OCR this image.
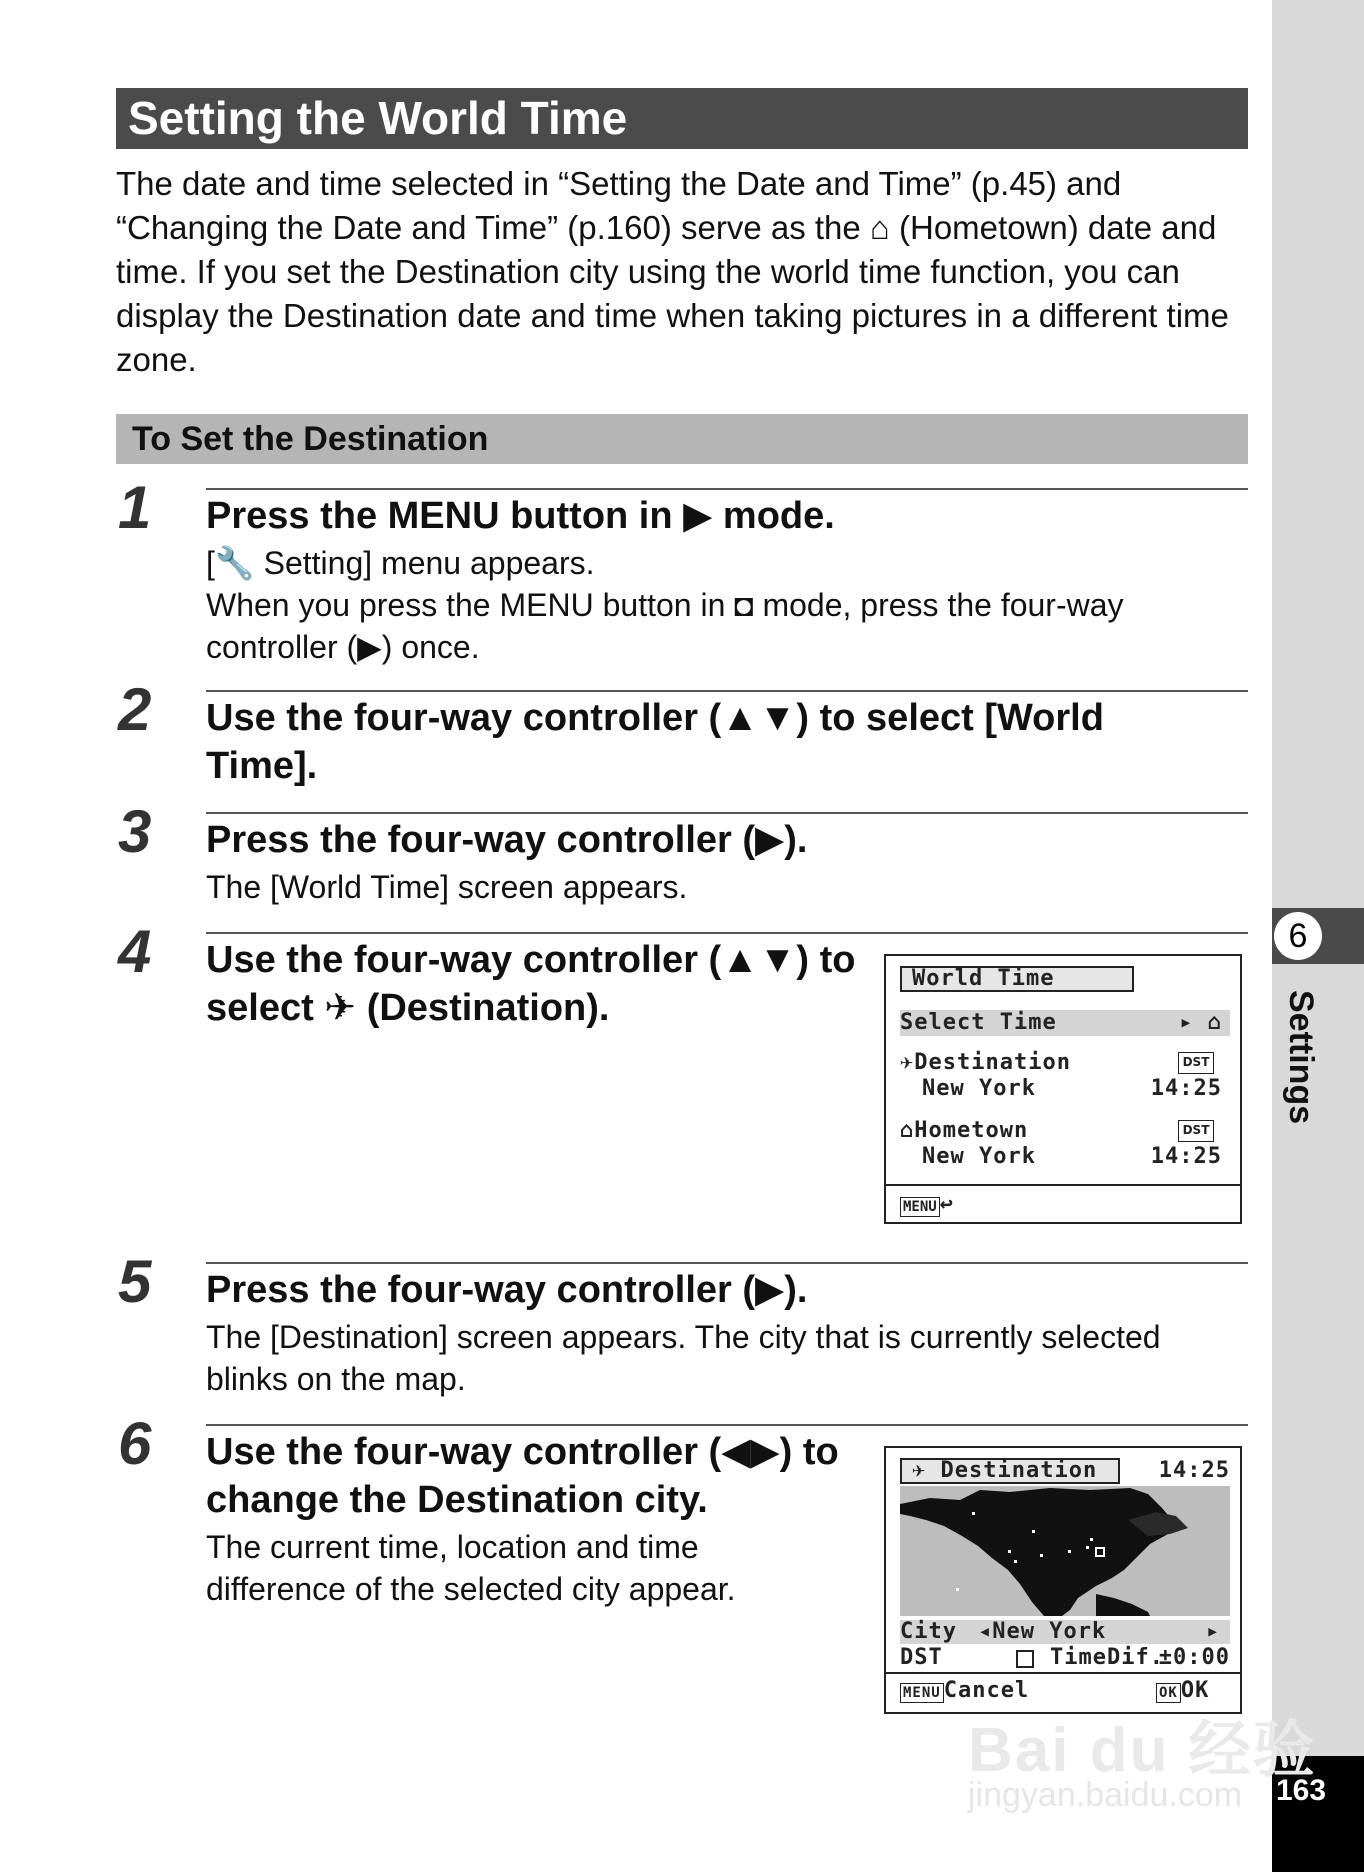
6
Settings
163
Setting the World Time
The date and time selected in “Setting the Date and Time” (p.45) and “Changing the Date and Time” (p.160) serve as the ⌂ (Hometown) date and time. If you set the Destination city using the world time function, you can display the Destination date and time when taking pictures in a different time zone.
To Set the Destination
1 Press the MENU button in ▶ mode.
[🔧 Setting] menu appears.
When you press the MENU button in ◘ mode, press the four-way controller (▶) once.
2 Use the four-way controller (▲▼) to select [World Time].
3 Press the four-way controller (▶).
The [World Time] screen appears.
4 Use the four-way controller (▲▼) to select ✈ (Destination).
World Time
Select Time	▸ ⌂
✈Destination	DST
New York	14:25
⌂Hometown	DST
New York	14:25
MENU ↩
5 Press the four-way controller (▶).
The [Destination] screen appears. The city that is currently selected blinks on the map.
6 Use the four-way controller (◀▶) to change the Destination city.
The current time, location and time difference of the selected city appear.
✈ Destination	14:25
City ◂New York	▸
DST	TimeDif.
±0:00
MENU Cancel	OK OK
Bai du 经验
jingyan.baidu.com
